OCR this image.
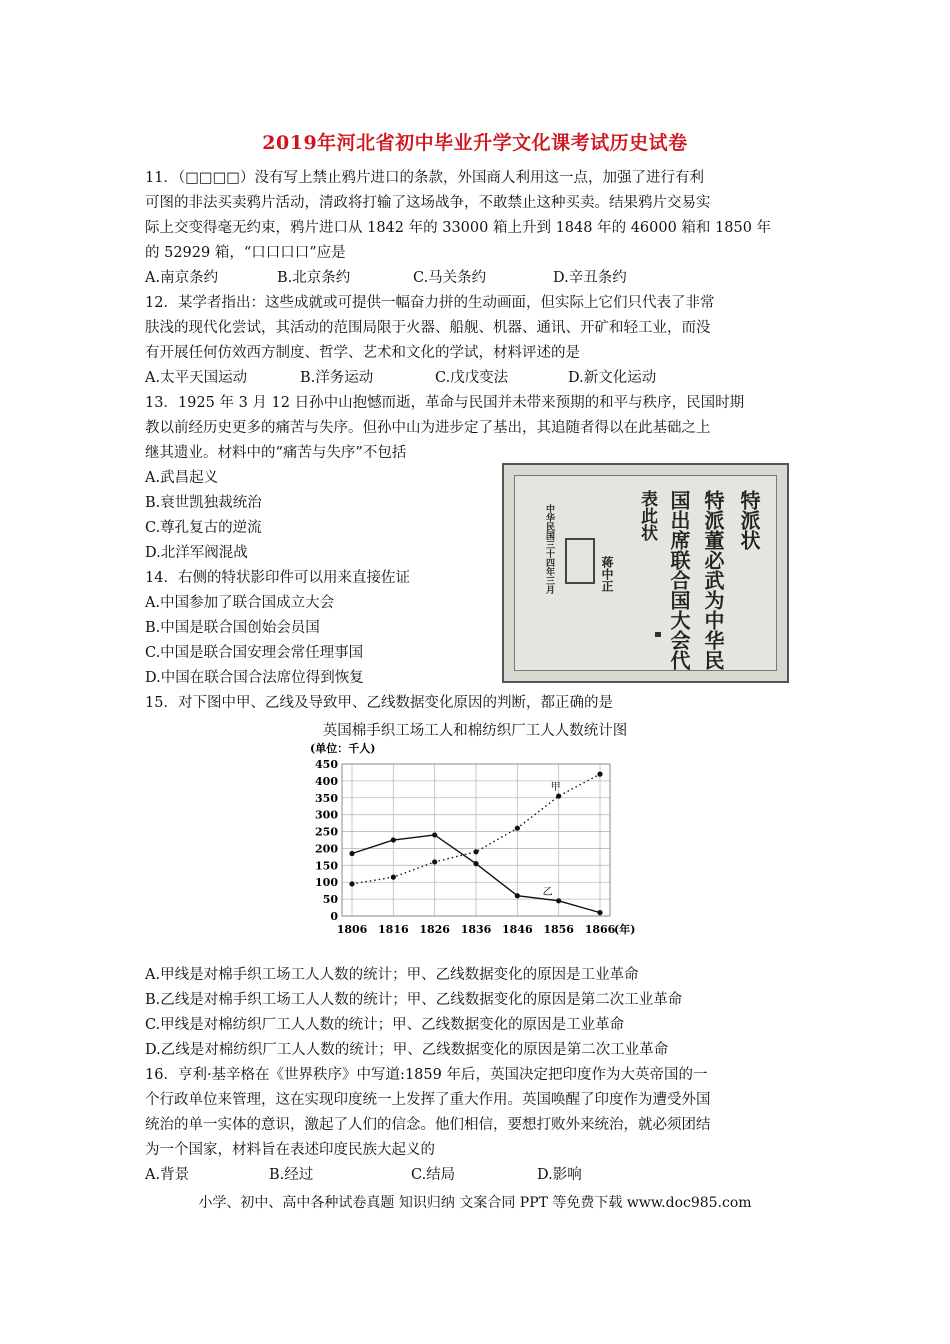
2019年河北省初中毕业升学文化课考试历史试卷
11．（□□□□）没有写上禁止鸦片进口的条款，外国商人利用这一点，加强了进行有利
可图的非法买卖鸦片活动，清政将打输了这场战争，不敢禁止这种买卖。结果鸦片交易实
际上交变得毫无约束，鸦片进口从 1842 年的 33000 箱上升到 1848 年的 46000 箱和 1850 年
的 52929 箱，“口口口口”应是
A.南京条约	B.北京条约	C.马关条约	D.辛丑条约
12．某学者指出：这些成就或可提供一幅奋力拼的生动画面，但实际上它们只代表了非常
肤浅的现代化尝试，其活动的范围局限于火器、船舰、机器、通讯、开矿和轻工业，而没
有开展任何仿效西方制度、哲学、艺术和文化的学试，材料评述的是
A.太平天国运动	B.洋务运动	C.戊戊变法	D.新文化运动
13．1925 年 3 月 12 日孙中山抱憾而逝，革命与民国并未带来预期的和平与秩序，民国时期
教以前经历史更多的痛苦与失序。但孙中山为进步定了基出，其追随者得以在此基础之上
继其遗业。材料中的“痛苦与失序”不包括
A.武昌起义
B.衰世凯独裁统治
C.尊孔复古的逆流
D.北洋军阀混战
14．右侧的特状影印件可以用来直接佐证
A.中国参加了联合国成立大会
B.中国是联合国创始会员国
C.中国是联合国安理会常任理事国
D.中国在联合国合法席位得到恢复
特派状
特派董必武为中华民
国出席联合国大会代
表此状
蒋中正
中华民国三十四年三月
15．对下图中甲、乙线及导致甲、乙线数据变化原因的判断，都正确的是
英国棉手织工场工人和棉纺织厂工人人数统计图
(单位：千人)
0
50
100
150
200
250
300
350
400
450
1806 1816 1826 1836 1846 1856 1866
(年)
甲
乙
A.甲线是对棉手织工场工人人数的统计；甲、乙线数据变化的原因是工业革命
B.乙线是对棉手织工场工人人数的统计；甲、乙线数据变化的原因是第二次工业革命
C.甲线是对棉纺织厂工人人数的统计；甲、乙线数据变化的原因是工业革命
D.乙线是对棉纺织厂工人人数的统计；甲、乙线数据变化的原因是第二次工业革命
16．亨利·基辛格在《世界秩序》中写道:1859 年后，英国决定把印度作为大英帝国的一
个行政单位来管理，这在实现印度统一上发挥了重大作用。英国唤醒了印度作为遭受外国
统治的单一实体的意识，激起了人们的信念。他们相信，要想打败外来统治，就必须团结
为一个国家，材料旨在表述印度民族大起义的
A.背景	B.经过	C.结局	D.影响
小学、初中、高中各种试卷真题 知识归纳 文案合同 PPT 等免费下载 www.doc985.com
